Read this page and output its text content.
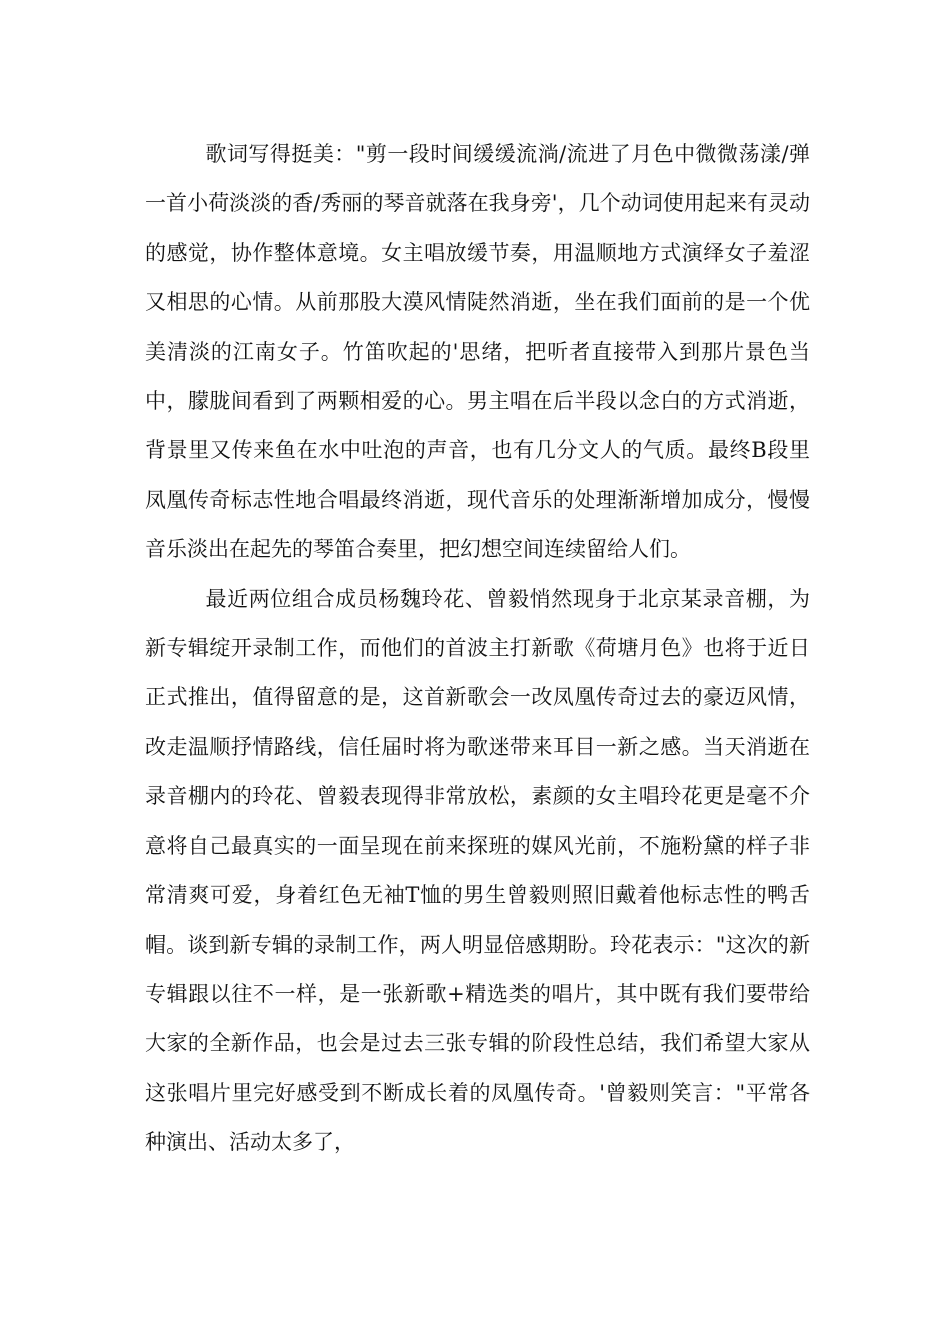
歌词写得挺美："剪一段时间缓缓流淌/流进了月色中微微荡漾/弹一首小荷淡淡的香/秀丽的琴音就落在我身旁'，几个动词使用起来有灵动的感觉，协作整体意境。女主唱放缓节奏，用温顺地方式演绎女子羞涩又相思的心情。从前那股大漠风情陡然消逝，坐在我们面前的是一个优美清淡的江南女子。竹笛吹起的'思绪，把听者直接带入到那片景色当中，朦胧间看到了两颗相爱的心。男主唱在后半段以念白的方式消逝，背景里又传来鱼在水中吐泡的声音，也有几分文人的气质。最终B段里凤凰传奇标志性地合唱最终消逝，现代音乐的处理渐渐增加成分，慢慢音乐淡出在起先的琴笛合奏里，把幻想空间连续留给人们。

最近两位组合成员杨魏玲花、曾毅悄然现身于北京某录音棚，为新专辑绽开录制工作，而他们的首波主打新歌《荷塘月色》也将于近日正式推出，值得留意的是，这首新歌会一改凤凰传奇过去的豪迈风情，改走温顺抒情路线，信任届时将为歌迷带来耳目一新之感。当天消逝在录音棚内的玲花、曾毅表现得非常放松，素颜的女主唱玲花更是毫不介意将自己最真实的一面呈现在前来探班的媒风光前，不施粉黛的样子非常清爽可爱，身着红色无袖T恤的男生曾毅则照旧戴着他标志性的鸭舌帽。谈到新专辑的录制工作，两人明显倍感期盼。玲花表示："这次的新专辑跟以往不一样，是一张新歌+精选类的唱片，其中既有我们要带给大家的全新作品，也会是过去三张专辑的阶段性总结，我们希望大家从这张唱片里完好感受到不断成长着的凤凰传奇。'曾毅则笑言："平常各种演出、活动太多了，
